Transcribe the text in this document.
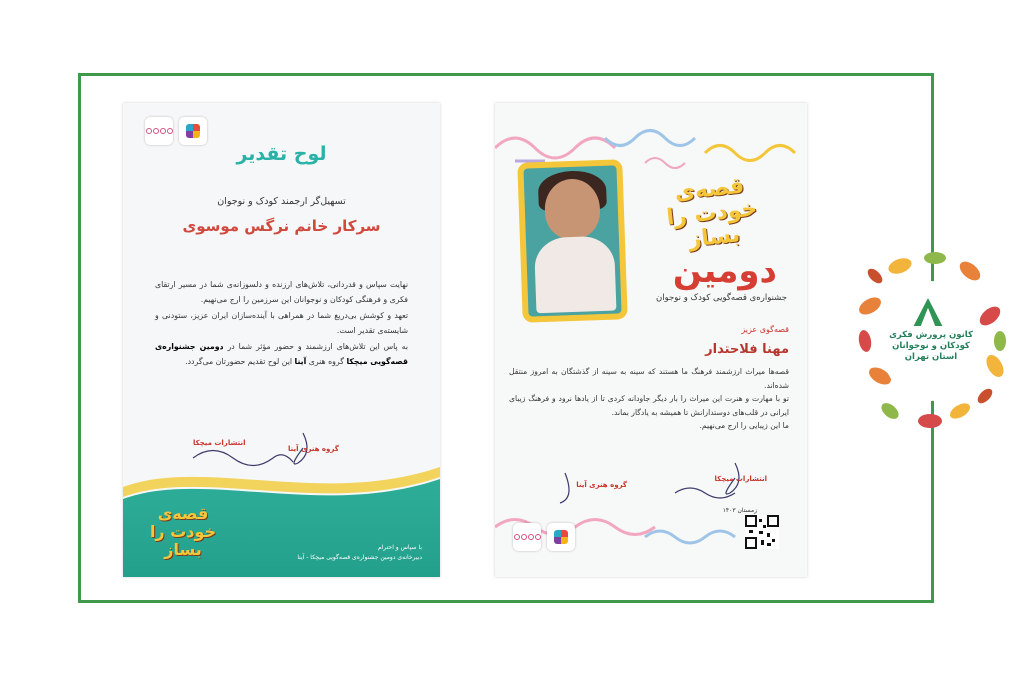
لوح تقدیر
تسهیل‌گر ارجمند کودک و نوجوان
سرکار خانم نرگس موسوی

نهایت سپاس و قدردانی، تلاش‌های ارزنده و دلسوزانه‌ی شما در مسیر ارتقای فکری و فرهنگی کودکان و نوجوانان این سرزمین را ارج می‌نهیم.

تعهد و کوشش بی‌دریغ شما در همراهی با آینده‌سازان ایران عزیز، ستودنی و شایسته‌ی تقدیر است.

به پاس این تلاش‌های ارزشمند و حضور مؤثر شما در دومین جشنواره‌ی قصه‌گویی میچکا گروه هنری آینا این لوح تقدیم حضورتان می‌گردد.

گروه هنری آینا
انتشارات میچکا
قصه‌ی
خودت را بساز	با سپاس و احترام
دبیرخانه‌ی دومین جشنواره‌ی قصه‌گویی میچکا - آینا
قصه‌ی
خودت را بساز
دومین
جشنواره‌ی قصه‌گویی کودک و نوجوان
قصه‌گوی عزیز
مهنا فلاحتدار

قصه‌ها میراث ارزشمند فرهنگ ما هستند که سینه به سینه از گذشتگان به امروز منتقل شده‌اند.

تو با مهارت و هنرت این میراث را بار دیگر جاودانه کردی تا از یادها نرود و فرهنگ زیبای ایرانی در قلب‌های دوستدارانش تا همیشه به یادگار بماند.

ما این زیبایی را ارج می‌نهیم.

گروه هنری آینا
انتشارات میچکا
زمستان ۱۴۰۳
کانون پرورش فکری
کودکان و نوجوانان
استان تهران
